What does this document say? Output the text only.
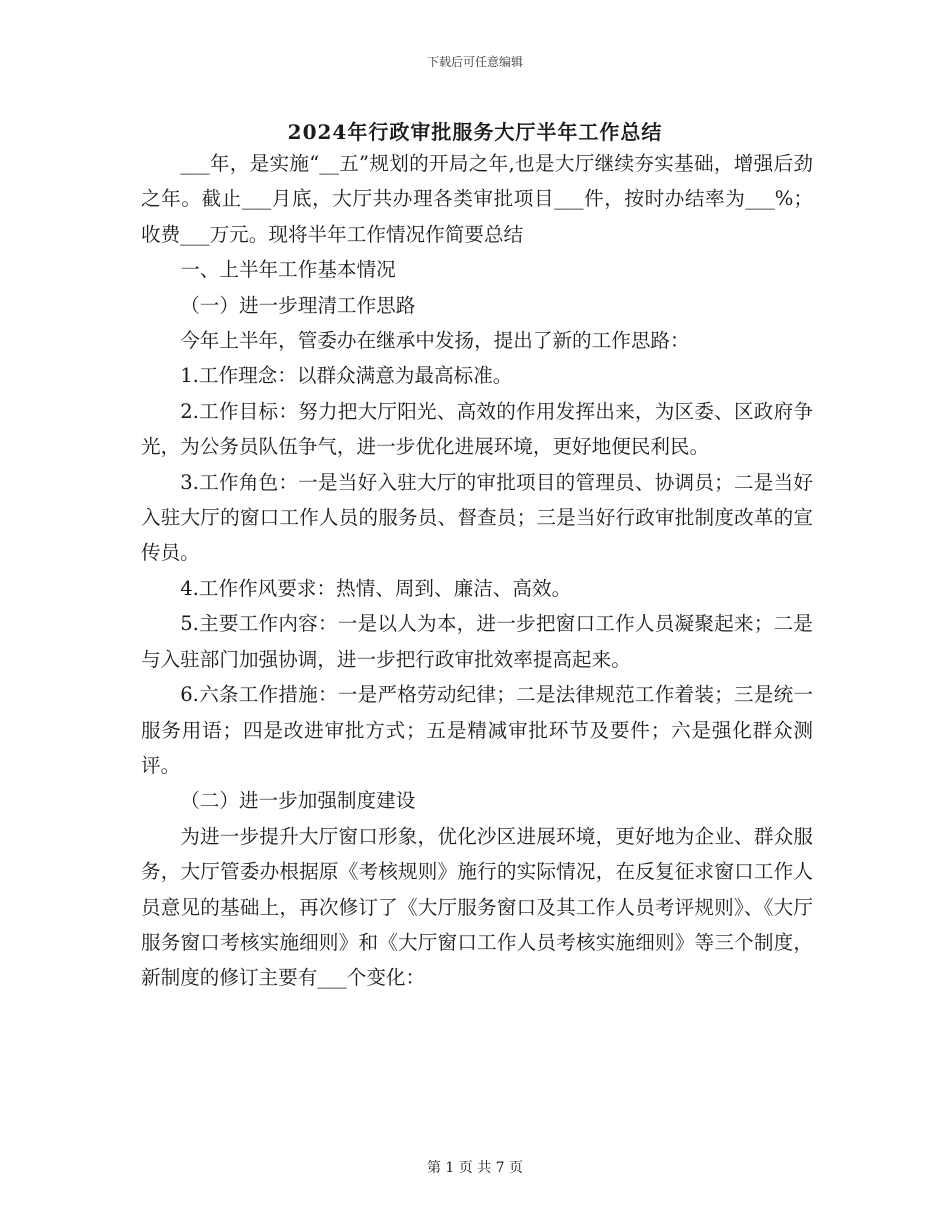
下载后可任意编辑
2024年行政审批服务大厅半年工作总结

___年，是实施“__五”规划的开局之年,也是大厅继续夯实基础，增强后劲之年。截止___月底，大厅共办理各类审批项目___件，按时办结率为___%；收费___万元。现将半年工作情况作简要总结

一、上半年工作基本情况

（一）进一步理清工作思路

今年上半年，管委办在继承中发扬，提出了新的工作思路：

1.工作理念：以群众满意为最高标准。

2.工作目标：努力把大厅阳光、高效的作用发挥出来，为区委、区政府争光，为公务员队伍争气，进一步优化进展环境，更好地便民利民。

3.工作角色：一是当好入驻大厅的审批项目的管理员、协调员；二是当好入驻大厅的窗口工作人员的服务员、督查员；三是当好行政审批制度改革的宣传员。

4.工作作风要求：热情、周到、廉洁、高效。

5.主要工作内容：一是以人为本，进一步把窗口工作人员凝聚起来；二是与入驻部门加强协调，进一步把行政审批效率提高起来。

6.六条工作措施：一是严格劳动纪律；二是法律规范工作着装；三是统一服务用语；四是改进审批方式；五是精减审批环节及要件；六是强化群众测评。

（二）进一步加强制度建设

为进一步提升大厅窗口形象，优化沙区进展环境，更好地为企业、群众服务，大厅管委办根据原《考核规则》施行的实际情况，在反复征求窗口工作人员意见的基础上，再次修订了《大厅服务窗口及其工作人员考评规则》、《大厅服务窗口考核实施细则》和《大厅窗口工作人员考核实施细则》等三个制度，新制度的修订主要有___个变化：

第 1 页 共 7 页
